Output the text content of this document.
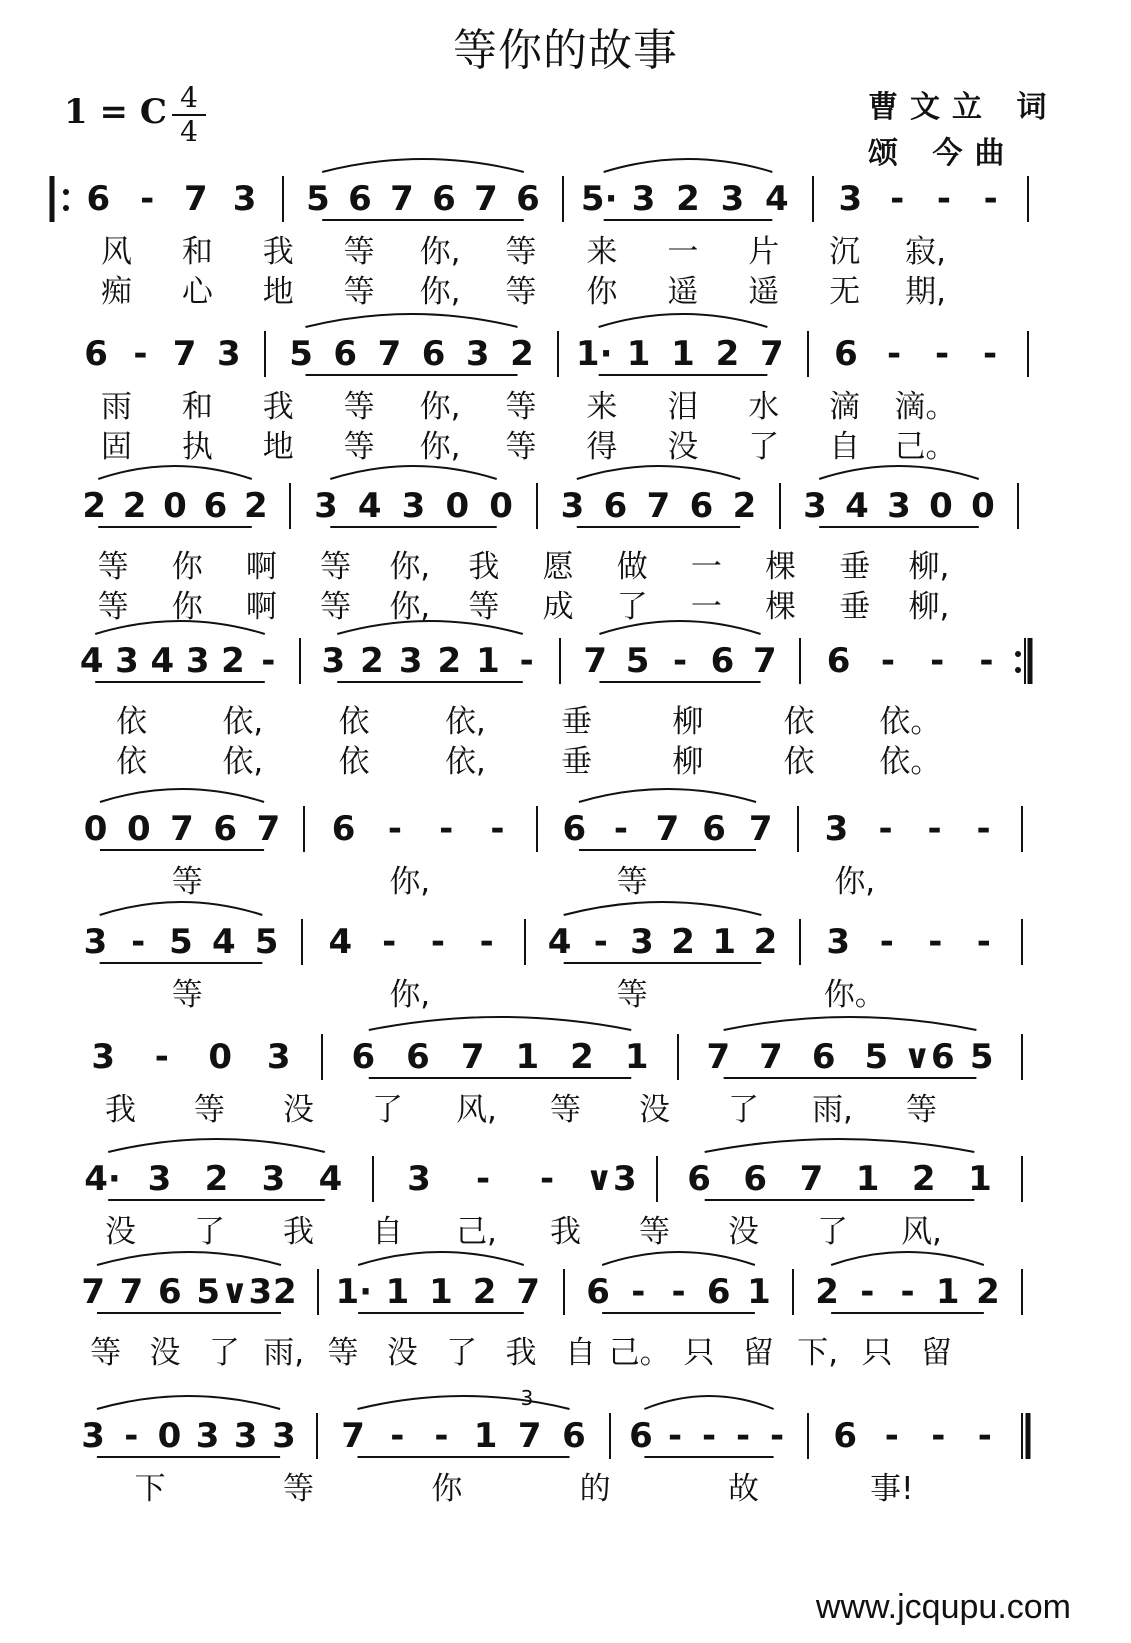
等你的故事
1 = C 4
4
曹文立 词
颂 今曲
6 - 7 3 5 6 7 6 7 6 5· 3 2 3 4 3 - - -
风 和 我 等 你, 等 来 一 片 沉 寂,
痴 心 地 等 你, 等 你 遥 遥 无 期,
6 - 7 3 5 6 7 6 3 2 1· 1 1 2 7 6 - - -
雨 和 我 等 你, 等 来 泪 水 滴 滴。
固 执 地 等 你, 等 得 没 了 自 己。
2 2 0 6 2 3 4 3 0 0 3 6 7 6 2 3 4 3 0 0
等 你 啊 等 你, 我 愿 做 一 棵 垂 柳,
等 你 啊 等 你, 等 成 了 一 棵 垂 柳,
4 3 4 3 2 - 3 2 3 2 1 - 7 5 - 6 7 6 - - -
依 依, 依 依, 垂	柳	依 依。
依 依, 依 依, 垂	柳	依 依。
0 0 7 6 7 6 - - - 6 - 7 6 7 3 - - -
等	你,	等	你,
3 - 5 4 5 4 - - - 4 - 3 2 1 2 3 - - -
等	你,	等	你。
3 - 0 3 6 6 7 1 2 1 7 7 6 5 ∨6 5
我 等 没 了 风, 等 没 了 雨, 等
4· 3 2 3 4 3 - - ∨3 6 6 7 1 2 1
没 了 我 自 己, 我 等 没 了 风,
7 7 6 5 ∨3 2 1· 1 1 2 7 6 - - 6 1 2 - - 1 2
等 没 了 雨, 等 没 了 我 自 己。 只 留 下, 只 留
3 - 0 3 3 3 7 - - 1 7 6 6 - - - - 6 - - -
3
下	等	你	的	故	事!
www.jcqupu.com
